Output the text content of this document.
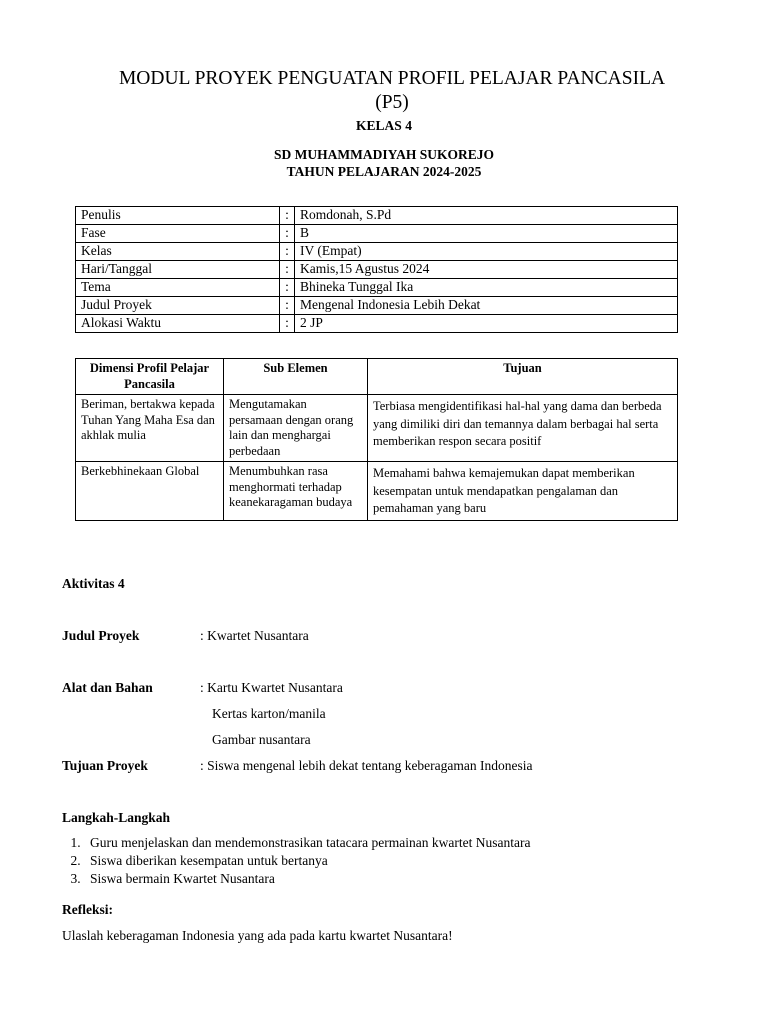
MODUL PROYEK PENGUATAN PROFIL PELAJAR PANCASILA
(P5)
KELAS 4
SD MUHAMMADIYAH SUKOREJO
TAHUN PELAJARAN 2024-2025
Penulis	:	Romdonah, S.Pd
Fase	:	B
Kelas	:	IV (Empat)
Hari/Tanggal	:	Kamis,15 Agustus 2024
Tema	:	Bhineka Tunggal Ika
Judul Proyek	:	Mengenal Indonesia Lebih Dekat
Alokasi Waktu	:	2 JP
Dimensi Profil Pelajar Pancasila	Sub Elemen	Tujuan
Beriman, bertakwa kepada Tuhan Yang Maha Esa dan akhlak mulia	Mengutamakan persamaan dengan orang lain dan menghargai perbedaan	Terbiasa mengidentifikasi hal-hal yang dama dan berbeda yang dimiliki diri dan temannya dalam berbagai hal serta memberikan respon secara positif
Berkebhinekaan Global	Menumbuhkan rasa menghormati terhadap keanekaragaman budaya	Memahami bahwa kemajemukan dapat memberikan kesempatan untuk mendapatkan pengalaman dan pemahaman yang baru
Aktivitas 4
Judul Proyek	: Kwartet Nusantara
Alat dan Bahan	: Kartu Kwartet Nusantara
Kertas karton/manila
Gambar nusantara
Tujuan Proyek	: Siswa mengenal lebih dekat tentang keberagaman Indonesia
Langkah-Langkah
1. Guru menjelaskan dan mendemonstrasikan tatacara permainan kwartet Nusantara
2. Siswa diberikan kesempatan untuk bertanya
3. Siswa bermain Kwartet Nusantara
Refleksi:
Ulaslah keberagaman Indonesia yang ada pada kartu kwartet Nusantara!
